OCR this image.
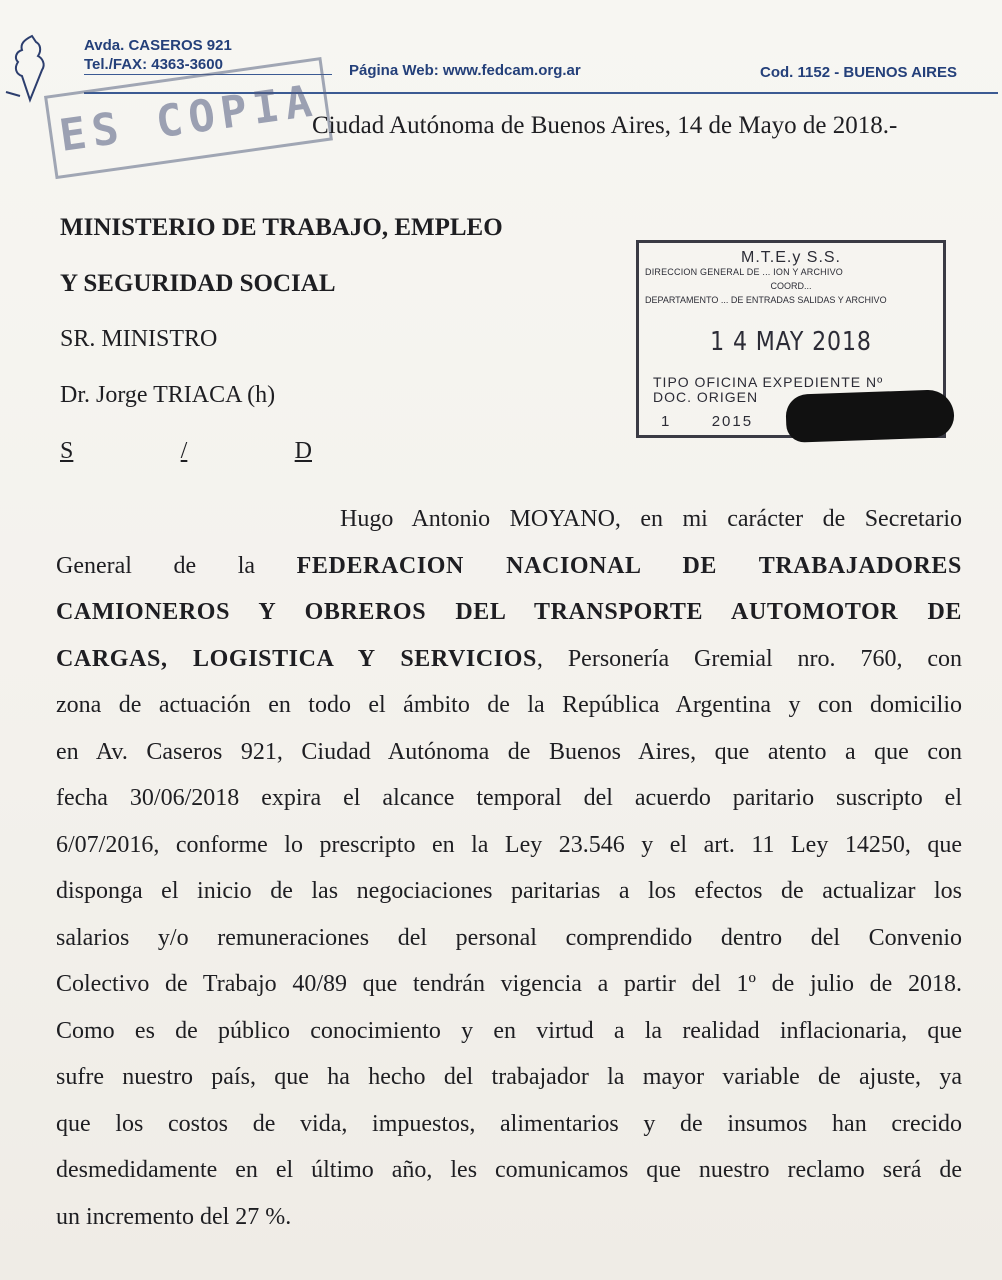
Avda. CASEROS 921
Tel./FAX: 4363-3600	Página Web: www.fedcam.org.ar	Cod. 1152 - BUENOS AIRES
ES COPIA
Ciudad Autónoma de Buenos Aires, 14 de Mayo de 2018.-
MINISTERIO DE TRABAJO, EMPLEO
Y SEGURIDAD SOCIAL
SR. MINISTRO
Dr. Jorge TRIACA (h)
S	/	D
M.T.E.y S.S.
DIRECCION GENERAL DE ... ION Y ARCHIVO
COORD...
DEPARTAMENTO ... DE ENTRADAS SALIDAS Y ARCHIVO
1 4 MAY 2018
TIPO OFICINA EXPEDIENTE Nº
DOC. ORIGEN
1	2015
Hugo Antonio MOYANO, en mi carácter de Secretario
General de la FEDERACION NACIONAL DE TRABAJADORES
CAMIONEROS Y OBREROS DEL TRANSPORTE AUTOMOTOR DE
CARGAS, LOGISTICA Y SERVICIOS, Personería Gremial nro. 760, con
zona de actuación en todo el ámbito de la República Argentina y con domicilio
en Av. Caseros 921, Ciudad Autónoma de Buenos Aires, que atento a que con
fecha 30/06/2018 expira el alcance temporal del acuerdo paritario suscripto el
6/07/2016, conforme lo prescripto en la Ley 23.546 y el art. 11 Ley 14250, que
disponga el inicio de las negociaciones paritarias a los efectos de actualizar los
salarios y/o remuneraciones del personal comprendido dentro del Convenio
Colectivo de Trabajo 40/89 que tendrán vigencia a partir del 1º de julio de 2018.
Como es de público conocimiento y en virtud a la realidad inflacionaria, que
sufre nuestro país, que ha hecho del trabajador la mayor variable de ajuste, ya
que los costos de vida, impuestos, alimentarios y de insumos han crecido
desmedidamente en el último año, les comunicamos que nuestro reclamo será de
un incremento del 27 %.
